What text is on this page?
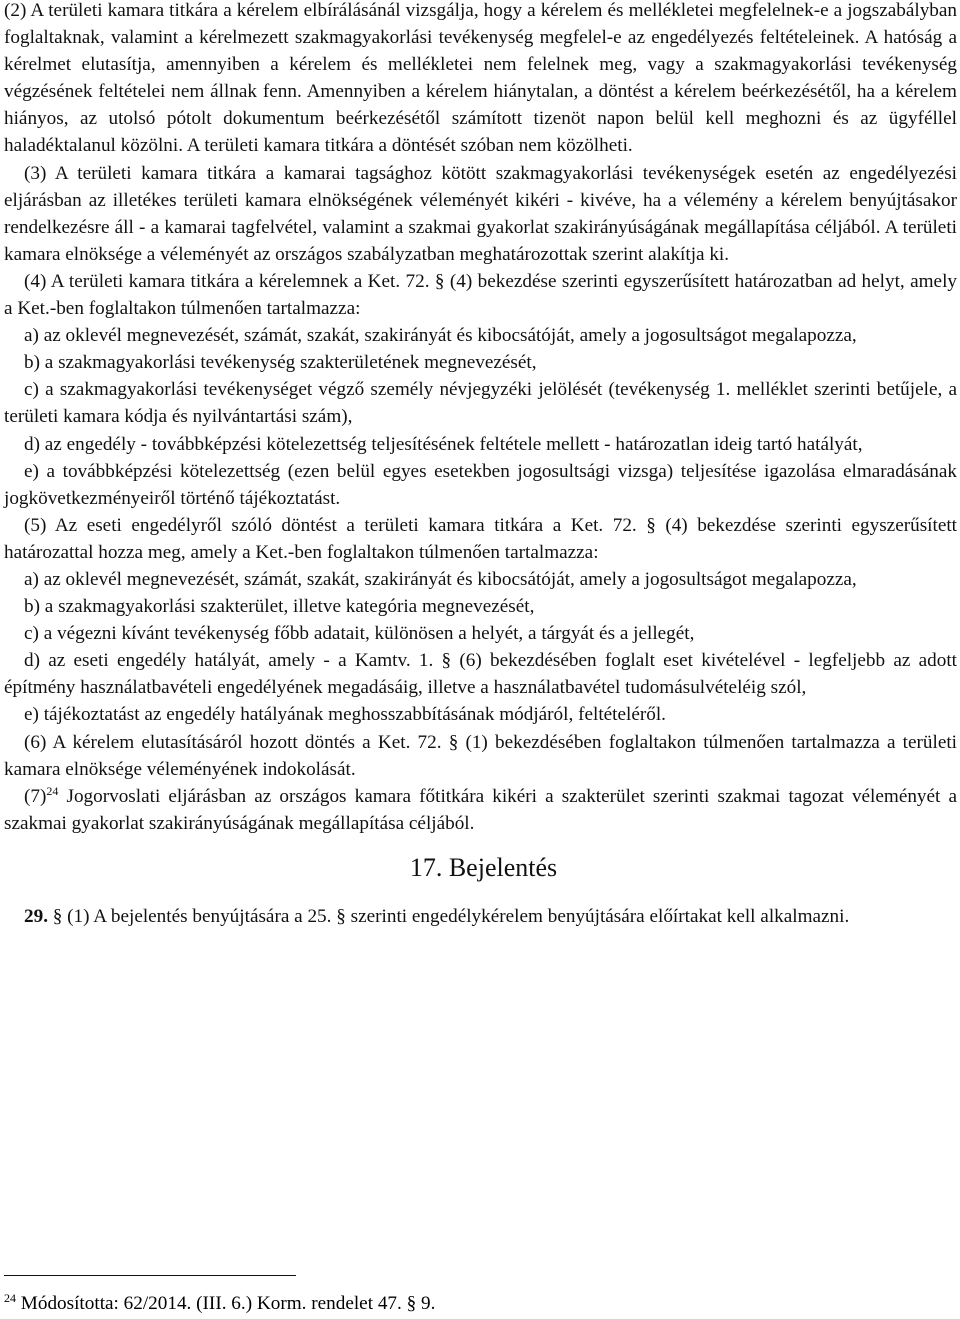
(2) A területi kamara titkára a kérelem elbírálásánál vizsgálja, hogy a kérelem és mellékletei megfelelnek-e a jogszabályban foglaltaknak, valamint a kérelmezett szakmagyakorlási tevékenység megfelel-e az engedélyezés feltételeinek. A hatóság a kérelmet elutasítja, amennyiben a kérelem és mellékletei nem felelnek meg, vagy a szakmagyakorlási tevékenység végzésének feltételei nem állnak fenn. Amennyiben a kérelem hiánytalan, a döntést a kérelem beérkezésétől, ha a kérelem hiányos, az utolsó pótolt dokumentum beérkezésétől számított tizenöt napon belül kell meghozni és az ügyféllel haladéktalanul közölni. A területi kamara titkára a döntését szóban nem közölheti.

(3) A területi kamara titkára a kamarai tagsághoz kötött szakmagyakorlási tevékenységek esetén az engedélyezési eljárásban az illetékes területi kamara elnökségének véleményét kikéri - kivéve, ha a vélemény a kérelem benyújtásakor rendelkezésre áll - a kamarai tagfelvétel, valamint a szakmai gyakorlat szakirányúságának megállapítása céljából. A területi kamara elnöksége a véleményét az országos szabályzatban meghatározottak szerint alakítja ki.

(4) A területi kamara titkára a kérelemnek a Ket. 72. § (4) bekezdése szerinti egyszerűsített határozatban ad helyt, amely a Ket.-ben foglaltakon túlmenően tartalmazza:

a) az oklevél megnevezését, számát, szakát, szakirányát és kibocsátóját, amely a jogosultságot megalapozza,

b) a szakmagyakorlási tevékenység szakterületének megnevezését,

c) a szakmagyakorlási tevékenységet végző személy névjegyzéki jelölését (tevékenység 1. melléklet szerinti betűjele, a területi kamara kódja és nyilvántartási szám),

d) az engedély - továbbképzési kötelezettség teljesítésének feltétele mellett - határozatlan ideig tartó hatályát,

e) a továbbképzési kötelezettség (ezen belül egyes esetekben jogosultsági vizsga) teljesítése igazolása elmaradásának jogkövetkezményeiről történő tájékoztatást.

(5) Az eseti engedélyről szóló döntést a területi kamara titkára a Ket. 72. § (4) bekezdése szerinti egyszerűsített határozattal hozza meg, amely a Ket.-ben foglaltakon túlmenően tartalmazza:

a) az oklevél megnevezését, számát, szakát, szakirányát és kibocsátóját, amely a jogosultságot megalapozza,

b) a szakmagyakorlási szakterület, illetve kategória megnevezését,

c) a végezni kívánt tevékenység főbb adatait, különösen a helyét, a tárgyát és a jellegét,

d) az eseti engedély hatályát, amely - a Kamtv. 1. § (6) bekezdésében foglalt eset kivételével - legfeljebb az adott építmény használatbavételi engedélyének megadásáig, illetve a használatbavétel tudomásulvételéig szól,

e) tájékoztatást az engedély hatályának meghosszabbításának módjáról, feltételéről.

(6) A kérelem elutasításáról hozott döntés a Ket. 72. § (1) bekezdésében foglaltakon túlmenően tartalmazza a területi kamara elnöksége véleményének indokolását.

$(7)^{24}$ Jogorvoslati eljárásban az országos kamara főtitkára kikéri a szakterület szerinti szakmai tagozat véleményét a szakmai gyakorlat szakirányúságának megállapítása céljából.

17. Bejelentés

29. § (1) A bejelentés benyújtására a 25. § szerinti engedélykérelem benyújtására előírtakat kell alkalmazni.

$^{24}$ Módosította: 62/2014. (III. 6.) Korm. rendelet 47. § 9.
